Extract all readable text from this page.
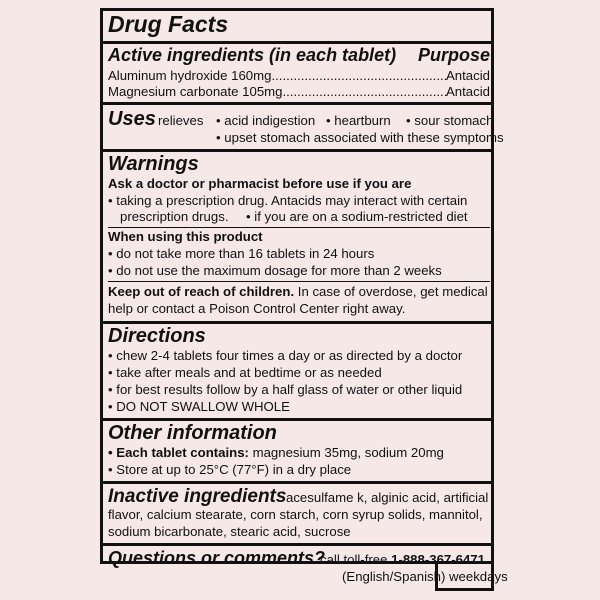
Drug Facts
Active ingredients (in each tablet) Purpose
Aluminum hydroxide 160mg .....	Antacid
Magnesium carbonate 105mg .....	Antacid
Uses relieves • acid indigestion • heartburn • sour stomach
• upset stomach associated with these symptoms
Warnings
Ask a doctor or pharmacist before use if you are
• taking a prescription drug. Antacids may interact with certain
prescription drugs. • if you are on a sodium-restricted diet
When using this product
• do not take more than 16 tablets in 24 hours
• do not use the maximum dosage for more than 2 weeks
Keep out of reach of children. In case of overdose, get medical
help or contact a Poison Control Center right away.
Directions
• chew 2-4 tablets four times a day or as directed by a doctor
• take after meals and at bedtime or as needed
• for best results follow by a half glass of water or other liquid
• DO NOT SWALLOW WHOLE
Other information
• Each tablet contains: magnesium 35mg, sodium 20mg
• Store at up to 25°C (77°F) in a dry place
Inactive ingredients acesulfame k, alginic acid, artificial
flavor, calcium stearate, corn starch, corn syrup solids, mannitol,
sodium bicarbonate, stearic acid, sucrose
Questions or comments?
call toll-free 1-888-367-6471
(English/Spanish) weekdays
